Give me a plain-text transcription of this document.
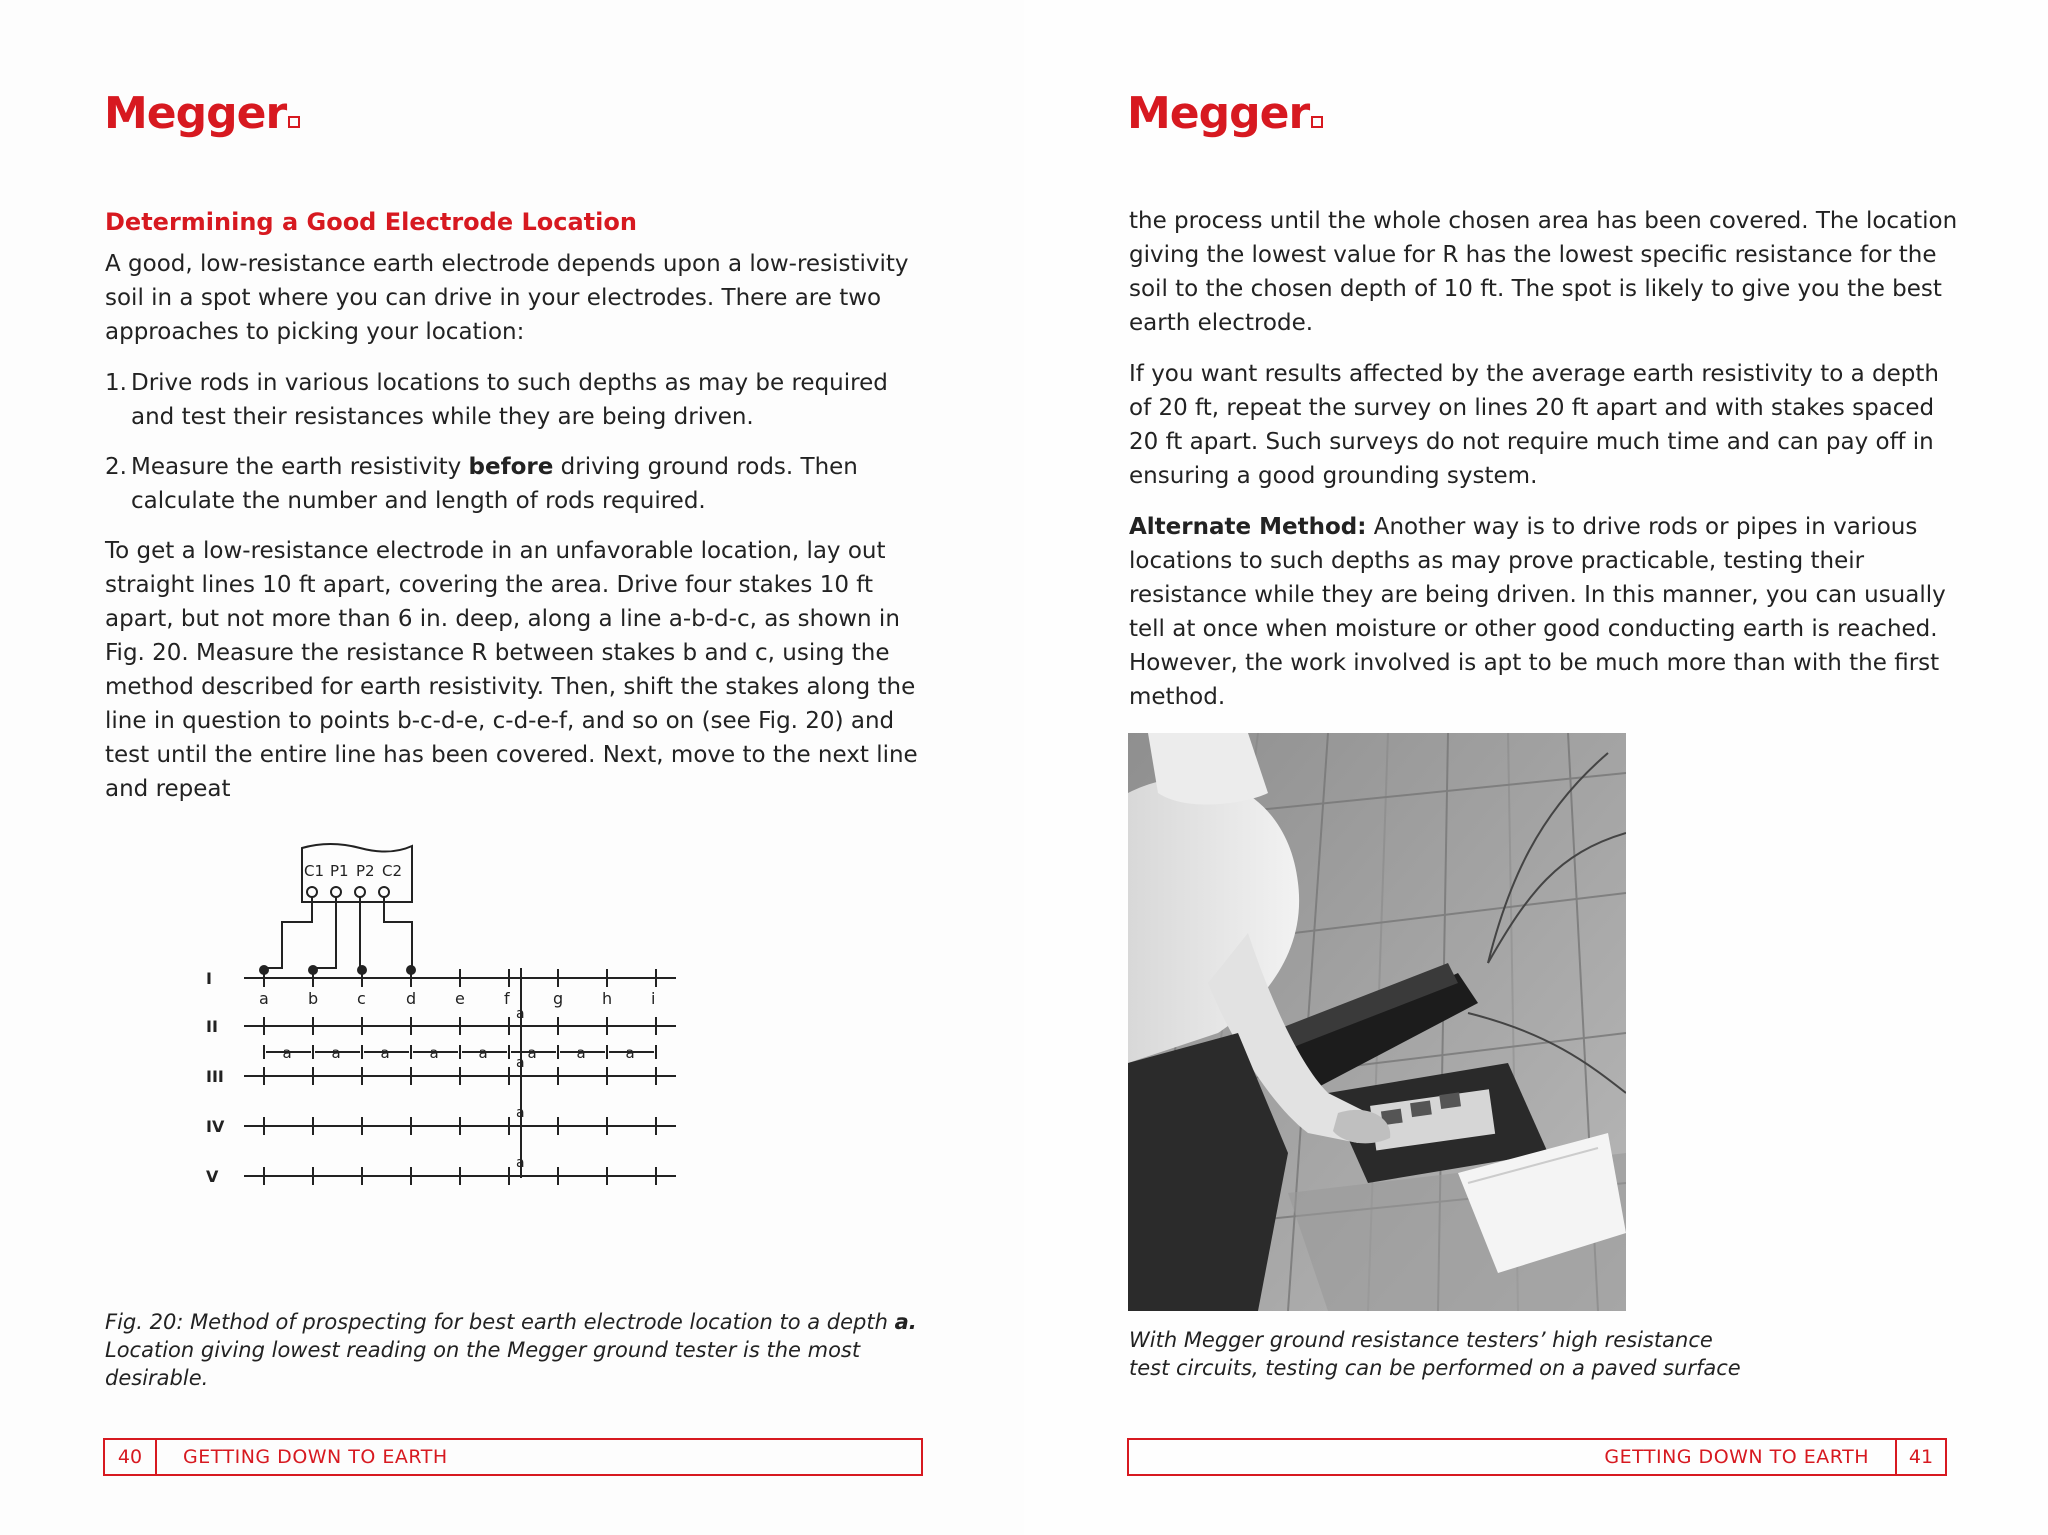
Megger
Determining a Good Electrode Location

A good, low-resistance earth electrode depends upon a low-resistivity soil in a spot where you can drive in your electrodes. There are two approaches to picking your location:

1. Drive rods in various locations to such depths as may be required and test their resistances while they are being driven.
2. Measure the earth resistivity before driving ground rods. Then calculate the number and length of rods required.

To get a low-resistance electrode in an unfavorable location, lay out straight lines 10 ft apart, covering the area. Drive four stakes 10 ft apart, but not more than 6 in. deep, along a line a-b-d-c, as shown in Fig. 20. Measure the resistance R between stakes b and c, using the method described for earth resistivity. Then, shift the stakes along the line in question to points b-c-d-e, c-d-e-f, and so on (see Fig. 20) and test until the entire line has been covered. Next, move to the next line and repeat

C1 P1 P2 C2
I
II
III
IV
V
a b c	d e f	g h i
a	a	a	a	a	a	a	a
a
a
a
a
Fig. 20: Method of prospecting for best earth electrode location to a depth a.
Location giving lowest reading on the Megger ground tester is the most desirable.
40	GETTING DOWN TO EARTH
Megger

the process until the whole chosen area has been covered. The location giving the lowest value for R has the lowest specific resistance for the soil to the chosen depth of 10 ft. The spot is likely to give you the best earth electrode.

If you want results affected by the average earth resistivity to a depth of 20 ft, repeat the survey on lines 20 ft apart and with stakes spaced 20 ft apart. Such surveys do not require much time and can pay off in ensuring a good grounding system.

Alternate Method: Another way is to drive rods or pipes in various locations to such depths as may prove practicable, testing their resistance while they are being driven. In this manner, you can usually tell at once when moisture or other good conducting earth is reached. However, the work involved is apt to be much more than with the first method.

With Megger ground resistance testers’ high resistance
test circuits, testing can be performed on a paved surface
GETTING DOWN TO EARTH	41
